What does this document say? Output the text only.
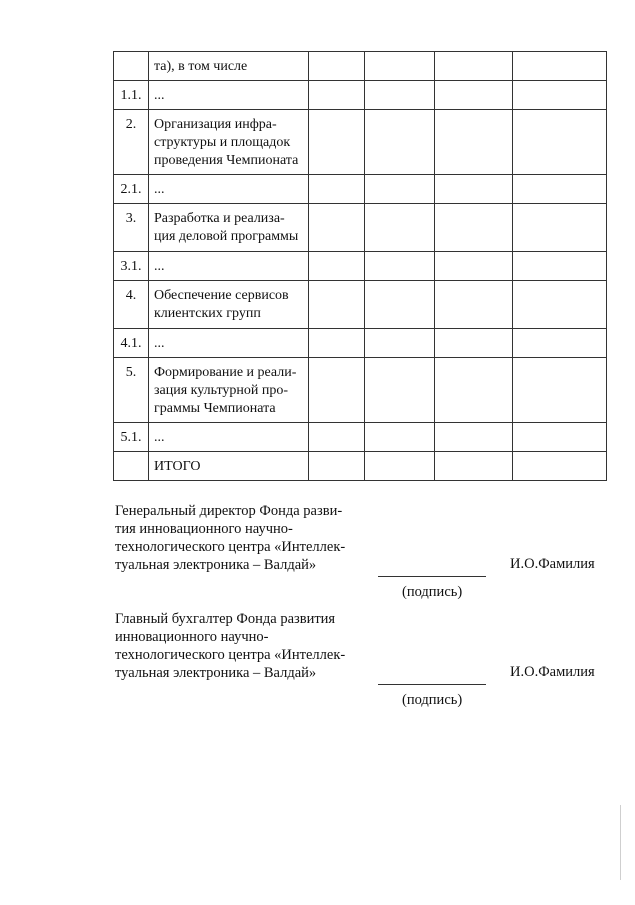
	та), в том числе				
1.1.	...				
2.	Организация инфра-
структуры и площадок
проведения Чемпионата				
2.1.	...				
3.	Разработка и реализа-
ция деловой программы				
3.1.	...				
4.	Обеспечение сервисов
клиентских групп				
4.1.	...				
5.	Формирование и реали-
зация культурной про-
граммы Чемпионата				
5.1.	...				
	ИТОГО				
Генеральный директор Фонда разви-
тия инновационного научно-
технологического центра «Интеллек-
туальная электроника – Валдай»	И.О.Фамилия
(подпись)
Главный бухгалтер Фонда развития
инновационного научно-
технологического центра «Интеллек-
туальная электроника – Валдай»	И.О.Фамилия
(подпись)
